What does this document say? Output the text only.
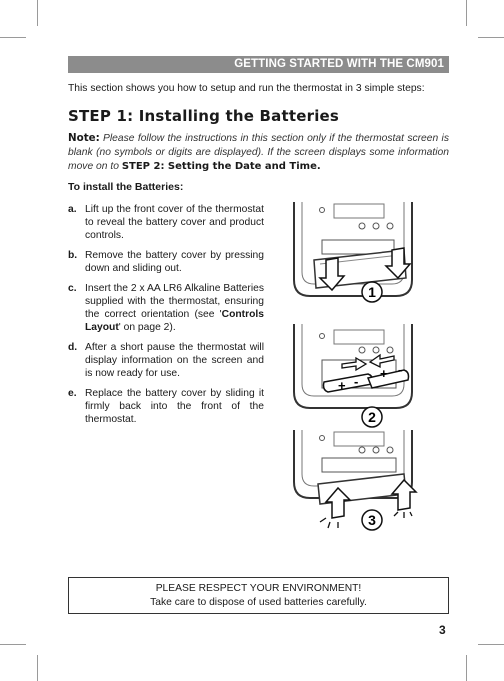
GETTING STARTED WITH THE CM901
This section shows you how to setup and run the thermostat in 3 simple steps:
STEP 1: Installing the Batteries
Note: Please follow the instructions in this section only if the thermostat screen is blank (no symbols or digits are displayed). If the screen displays some information move on to STEP 2: Setting the Date and Time.
To install the Batteries:
a. Lift up the front cover of the thermostat to reveal the battery cover and product controls.
b. Remove the battery cover by pressing down and sliding out.
c. Insert the 2 x AA LR6 Alkaline Batteries supplied with the thermostat, ensuring the correct orientation (see 'Controls Layout' on page 2).
d. After a short pause the thermostat will display information on the screen and is now ready for use.
e. Replace the battery cover by sliding it firmly back into the front of the thermostat.
1
+ -
+ -
2
3
PLEASE RESPECT YOUR ENVIRONMENT!
Take care to dispose of used batteries carefully.
3
